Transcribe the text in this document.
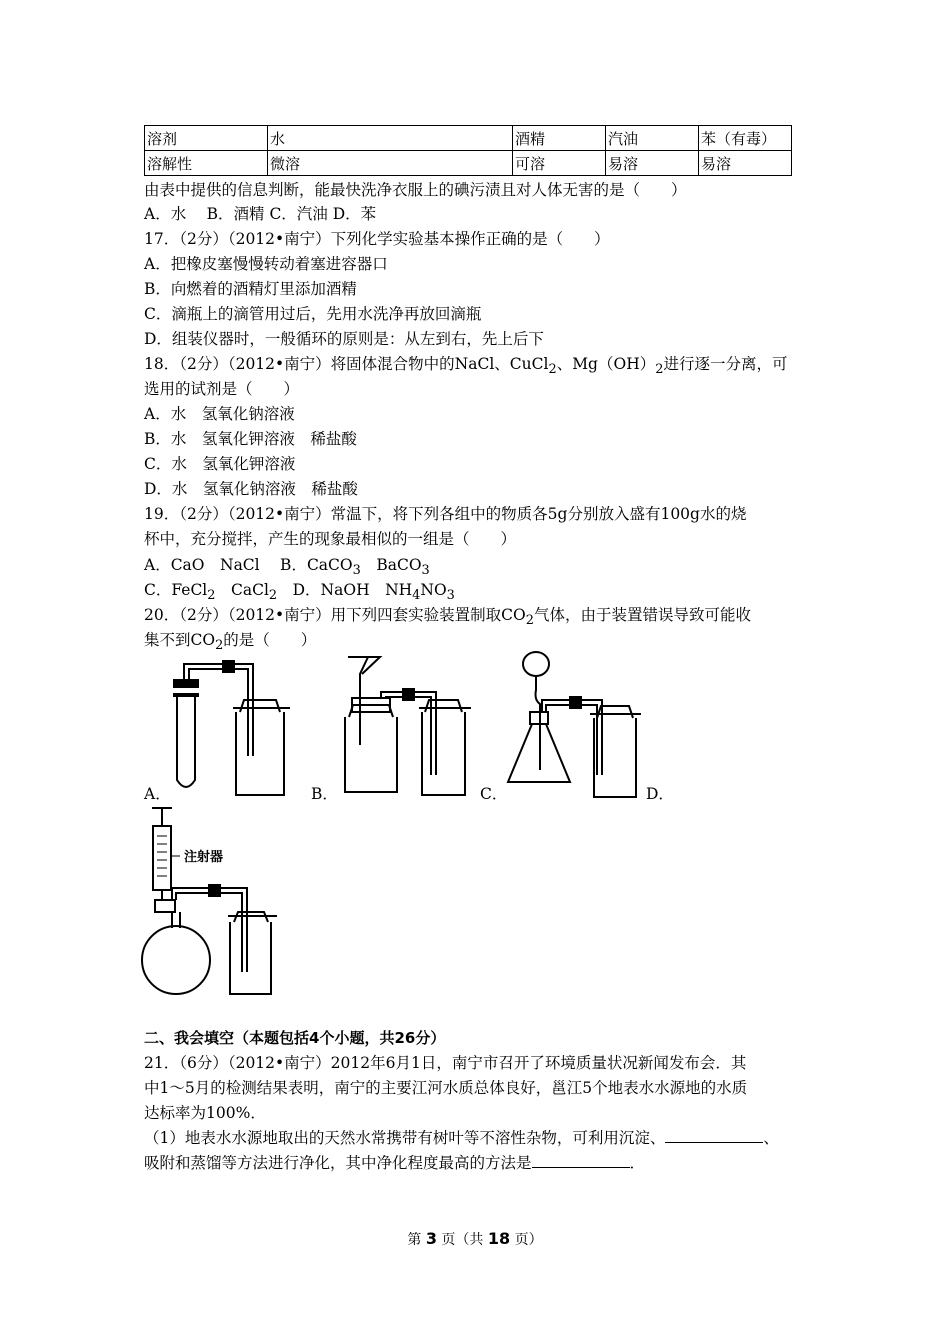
溶剂	水	酒精	汽油	苯（有毒）
溶解性	微溶	可溶	易溶	易溶
由表中提供的信息判断，能最快洗净衣服上的碘污渍且对人体无害的是（　　）
A．水　 B．酒精 C．汽油 D．苯
17．（2分）（2012•南宁）下列化学实验基本操作正确的是（　　）
A．把橡皮塞慢慢转动着塞进容器口
B．向燃着的酒精灯里添加酒精
C．滴瓶上的滴管用过后，先用水洗净再放回滴瓶
D．组装仪器时，一般循环的原则是：从左到右，先上后下
18．（2分）（2012•南宁）将固体混合物中的NaCl、CuCl$_2$、$Mg(OH)_2$进行逐一分离，可
选用的试剂是（　　）
A．水　氢氧化钠溶液
B．水　氢氧化钾溶液　稀盐酸
C．水　氢氧化钾溶液
D．水　氢氧化钠溶液　稀盐酸
19．（2分）（2012•南宁）常温下，将下列各组中的物质各5g分别放入盛有100g水的烧
杯中，充分搅拌，产生的现象最相似的一组是（　　）
A．CaO　NaCl　 B．CaCO$_3$　BaCO$_3$
C．FeCl$_2$　CaCl$_2$　D．NaOH　$NH_4NO_3$
20．（2分）（2012•南宁）用下列四套实验装置制取$CO_2$气体，由于装置错误导致可能收
集不到$CO_2$的是（　　）
A．	B．	C．	D．
注射器
二、我会填空（本题包括4个小题，共26分）
21．（6分）（2012•南宁）2012年6月1日，南宁市召开了环境质量状况新闻发布会．其
中1～5月的检测结果表明，南宁的主要江河水质总体良好，邕江5个地表水水源地的水质
达标率为100%．
（1）地表水水源地取出的天然水常携带有树叶等不溶性杂物，可利用沉淀、	、
吸附和蒸馏等方法进行净化，其中净化程度最高的方法是	．
第 3 页（共 18 页）
